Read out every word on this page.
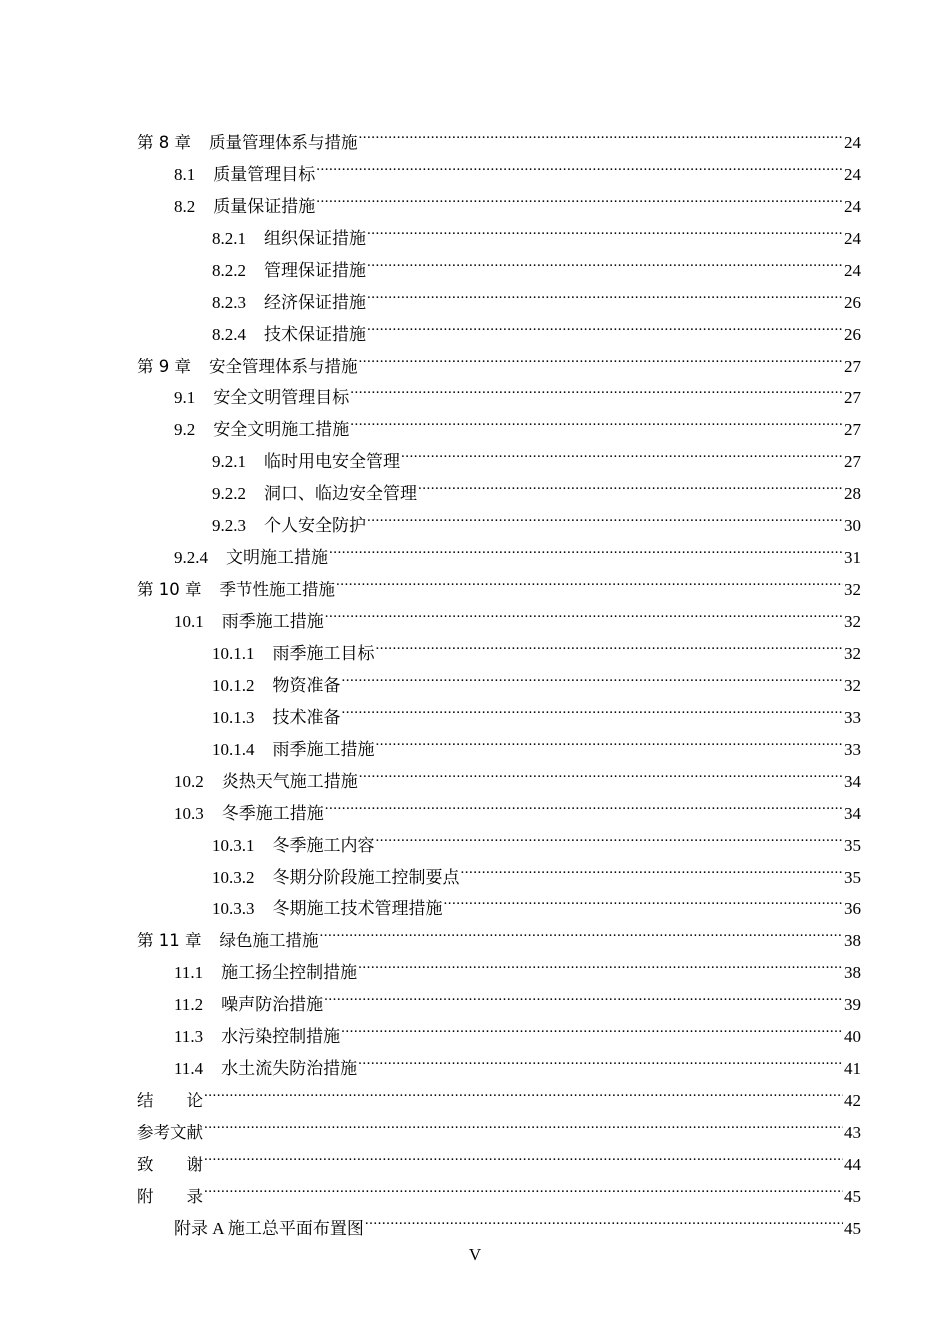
第 8 章 质量管理体系与措施 .....	24
8.1 质量管理目标 .....	24
8.2 质量保证措施 .....	24
8.2.1 组织保证措施 .....	24
8.2.2 管理保证措施 .....	24
8.2.3 经济保证措施 .....	26
8.2.4 技术保证措施 .....	26
第 9 章 安全管理体系与措施 .....	27
9.1 安全文明管理目标 .....	27
9.2 安全文明施工措施 .....	27
9.2.1 临时用电安全管理 .....	27
9.2.2 洞口、临边安全管理 .....	28
9.2.3 个人安全防护 .....	30
9.2.4 文明施工措施 .....	31
第 10 章 季节性施工措施 .....	32
10.1 雨季施工措施 .....	32
10.1.1 雨季施工目标 .....	32
10.1.2 物资准备 .....	32
10.1.3 技术准备 .....	33
10.1.4 雨季施工措施 .....	33
10.2 炎热天气施工措施 .....	34
10.3 冬季施工措施 .....	34
10.3.1 冬季施工内容 .....	35
10.3.2 冬期分阶段施工控制要点 .....	35
10.3.3 冬期施工技术管理措施 .....	36
第 11 章 绿色施工措施 .....	38
11.1 施工扬尘控制措施 .....	38
11.2 噪声防治措施 .....	39
11.3 水污染控制措施 .....	40
11.4 水土流失防治措施 .....	41
结　　论 .....	42
参考文献 .....	43
致　　谢 .....	44
附　　录 .....	45
附录 A 施工总平面布置图 .....	45
V
